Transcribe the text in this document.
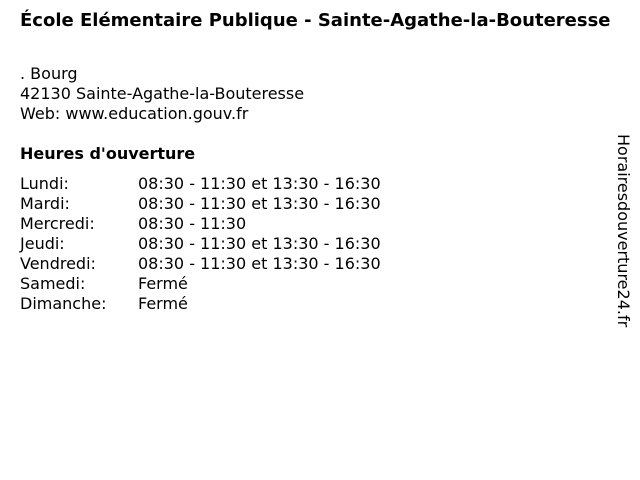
École Elémentaire Publique - Sainte-Agathe-la-Bouteresse
. Bourg
42130 Sainte-Agathe-la-Bouteresse
Web: www.education.gouv.fr
Heures d'ouverture
Lundi:	08:30 - 11:30 et 13:30 - 16:30
Mardi:	08:30 - 11:30 et 13:30 - 16:30
Mercredi:	08:30 - 11:30
Jeudi:	08:30 - 11:30 et 13:30 - 16:30
Vendredi:	08:30 - 11:30 et 13:30 - 16:30
Samedi:	Fermé
Dimanche:	Fermé	Horairesdouverture24.fr
